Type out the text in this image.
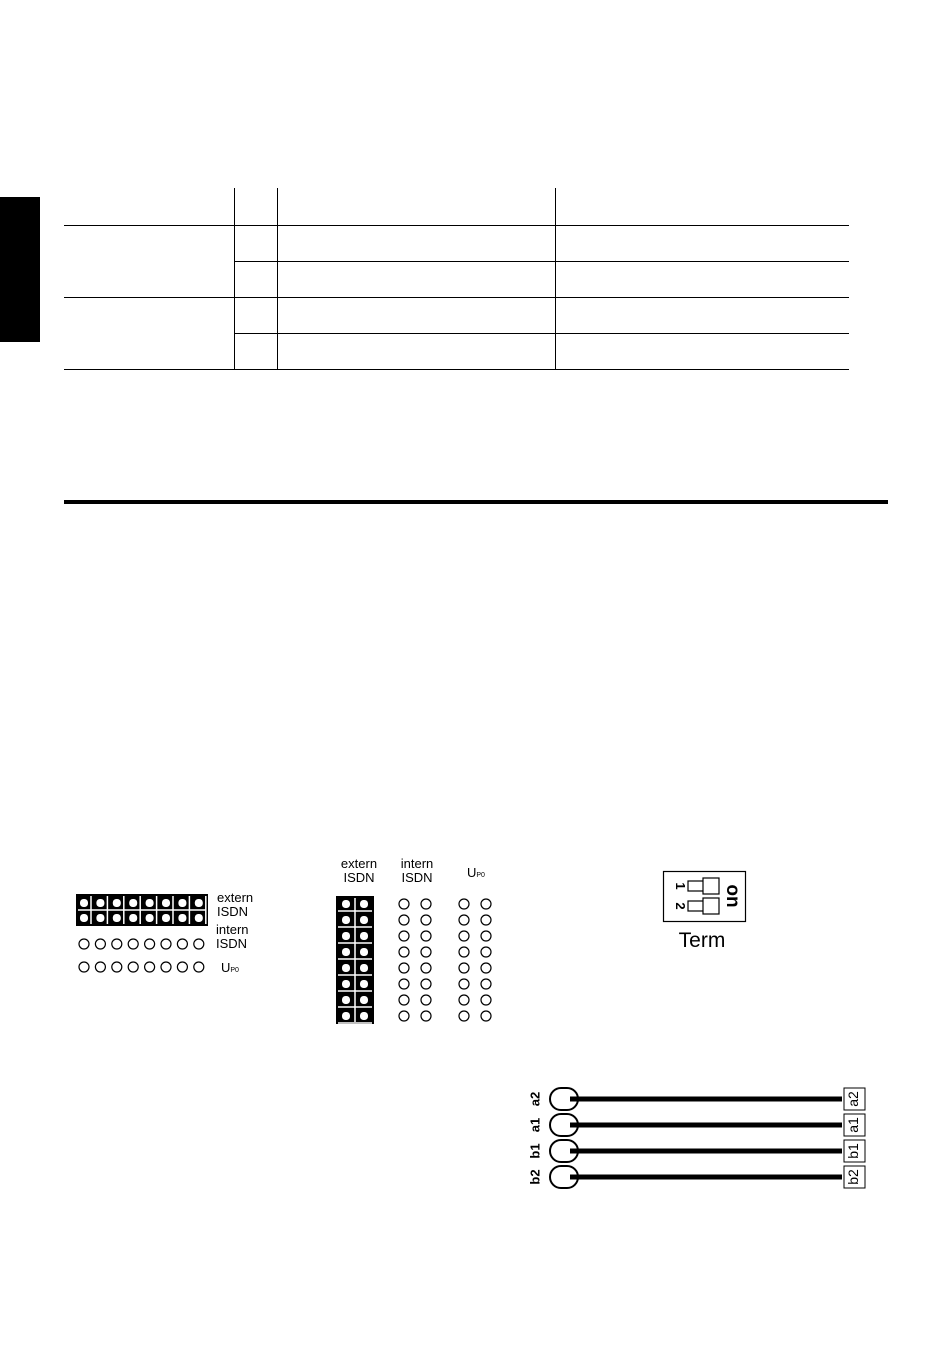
extern
ISDN
intern
ISDN
UP0
extern
ISDN
intern
ISDN	UP0
1
2 on
Term
a2	a2
a1	a1
b1	b1
b2	b2
